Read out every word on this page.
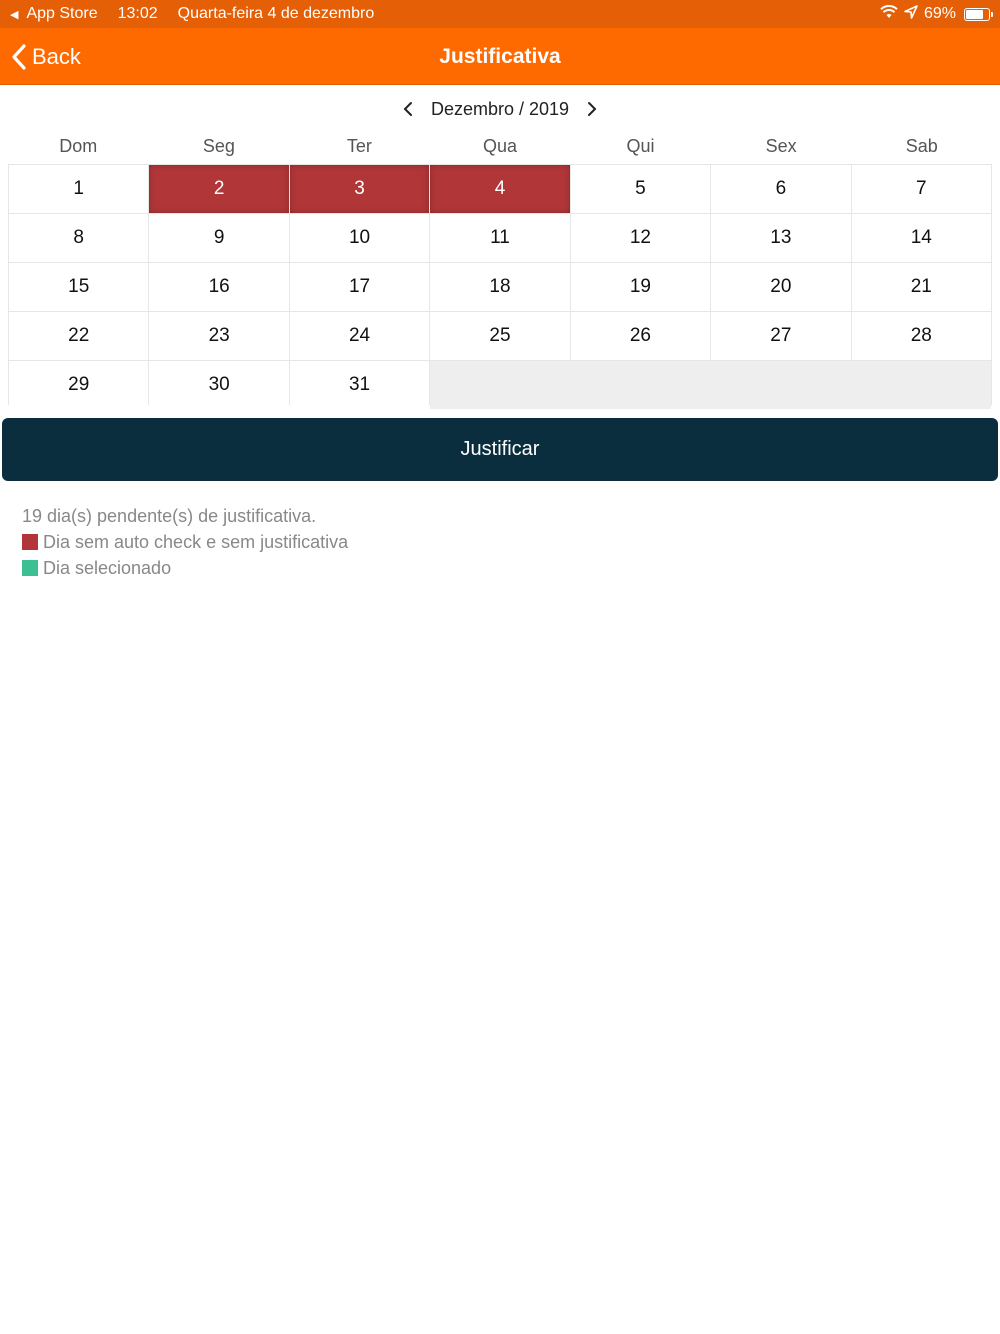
◀ App Store 13:02 Quarta-feira 4 de dezembro	69%
Back	Justificativa
Dezembro / 2019
Dom	Seg	Ter	Qua	Qui	Sex	Sab
1	2	3	4	5	6	7
8	9	10	11	12	13	14
15	16	17	18	19	20	21
22	23	24	25	26	27	28
29	30	31
Justificar
19 dia(s) pendente(s) de justificativa.
Dia sem auto check e sem justificativa
Dia selecionado
